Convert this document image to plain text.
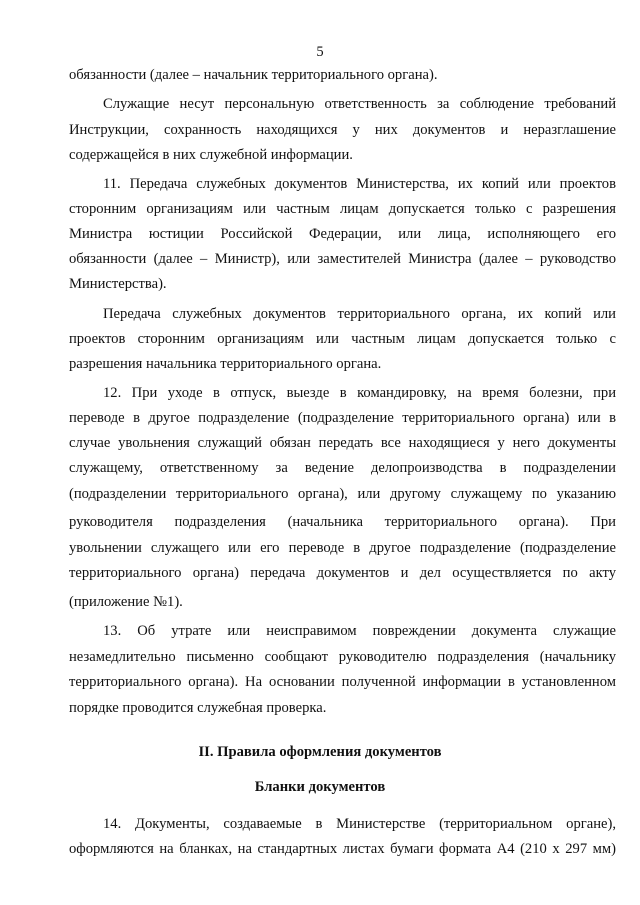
5
обязанности (далее – начальник территориального органа).
Служащие несут персональную ответственность за соблюдение требований
Инструкции, сохранность находящихся у них документов и неразглашение
содержащейся в них служебной информации.
11. Передача служебных документов Министерства, их копий или проектов
сторонним организациям или частным лицам допускается только с разрешения
Министра юстиции Российской Федерации, или лица, исполняющего его
обязанности (далее – Министр), или заместителей Министра (далее – руководство
Министерства).
Передача служебных документов территориального органа, их копий или
проектов сторонним организациям или частным лицам допускается только с
разрешения начальника территориального органа.
12. При уходе в отпуск, выезде в командировку, на время болезни, при
переводе в другое подразделение (подразделение территориального органа) или в
случае увольнения служащий обязан передать все находящиеся у него документы
служащему, ответственному за ведение делопроизводства в подразделении
(подразделении территориального органа), или другому служащему по указанию
руководителя подразделения (начальника территориального органа). При
увольнении служащего или его переводе в другое подразделение (подразделение
территориального органа) передача документов и дел осуществляется по акту
(приложение №1).
13. Об утрате или неисправимом повреждении документа служащие
незамедлительно письменно сообщают руководителю подразделения (начальнику
территориального органа). На основании полученной информации в установленном
порядке проводится служебная проверка.
II. Правила оформления документов
Бланки документов
14. Документы, создаваемые в Министерстве (территориальном органе),
оформляются на бланках, на стандартных листах бумаги формата А4 (210 х 297 мм)
